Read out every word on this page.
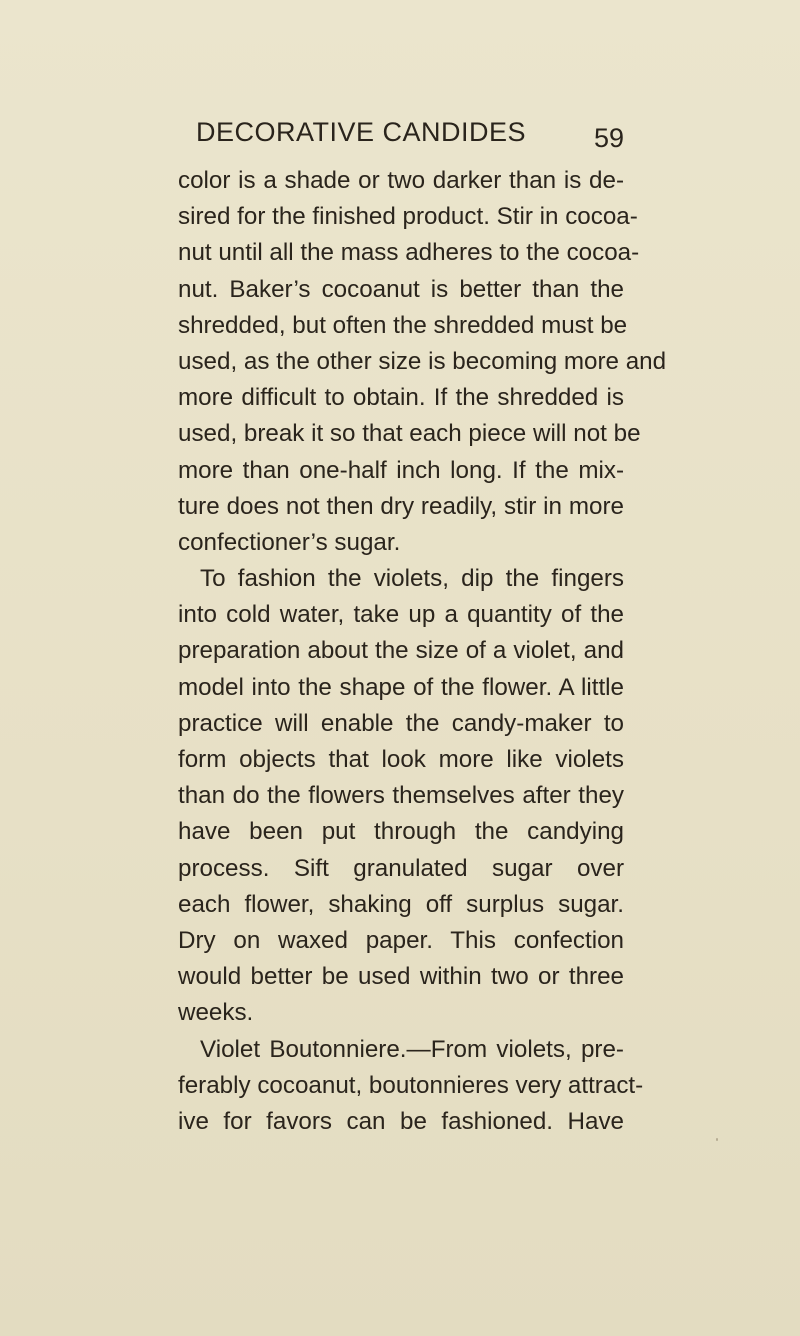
DECORATIVE CANDIDES	59
color is a shade or two darker than is de-
sired for the finished product. Stir in cocoa-
nut until all the mass adheres to the cocoa-
nut. Baker’s cocoanut is better than the
shredded, but often the shredded must be
used, as the other size is becoming more and
more difficult to obtain. If the shredded is
used, break it so that each piece will not be
more than one-half inch long. If the mix-
ture does not then dry readily, stir in more
confectioner’s sugar.
To fashion the violets, dip the fingers
into cold water, take up a quantity of the
preparation about the size of a violet, and
model into the shape of the flower. A little
practice will enable the candy-maker to
form objects that look more like violets
than do the flowers themselves after they
have been put through the candying
process. Sift granulated sugar over
each flower, shaking off surplus sugar.
Dry on waxed paper. This confection
would better be used within two or three
weeks.
Violet Boutonniere.—From violets, pre-
ferably cocoanut, boutonnieres very attract-
ive for favors can be fashioned. Have
